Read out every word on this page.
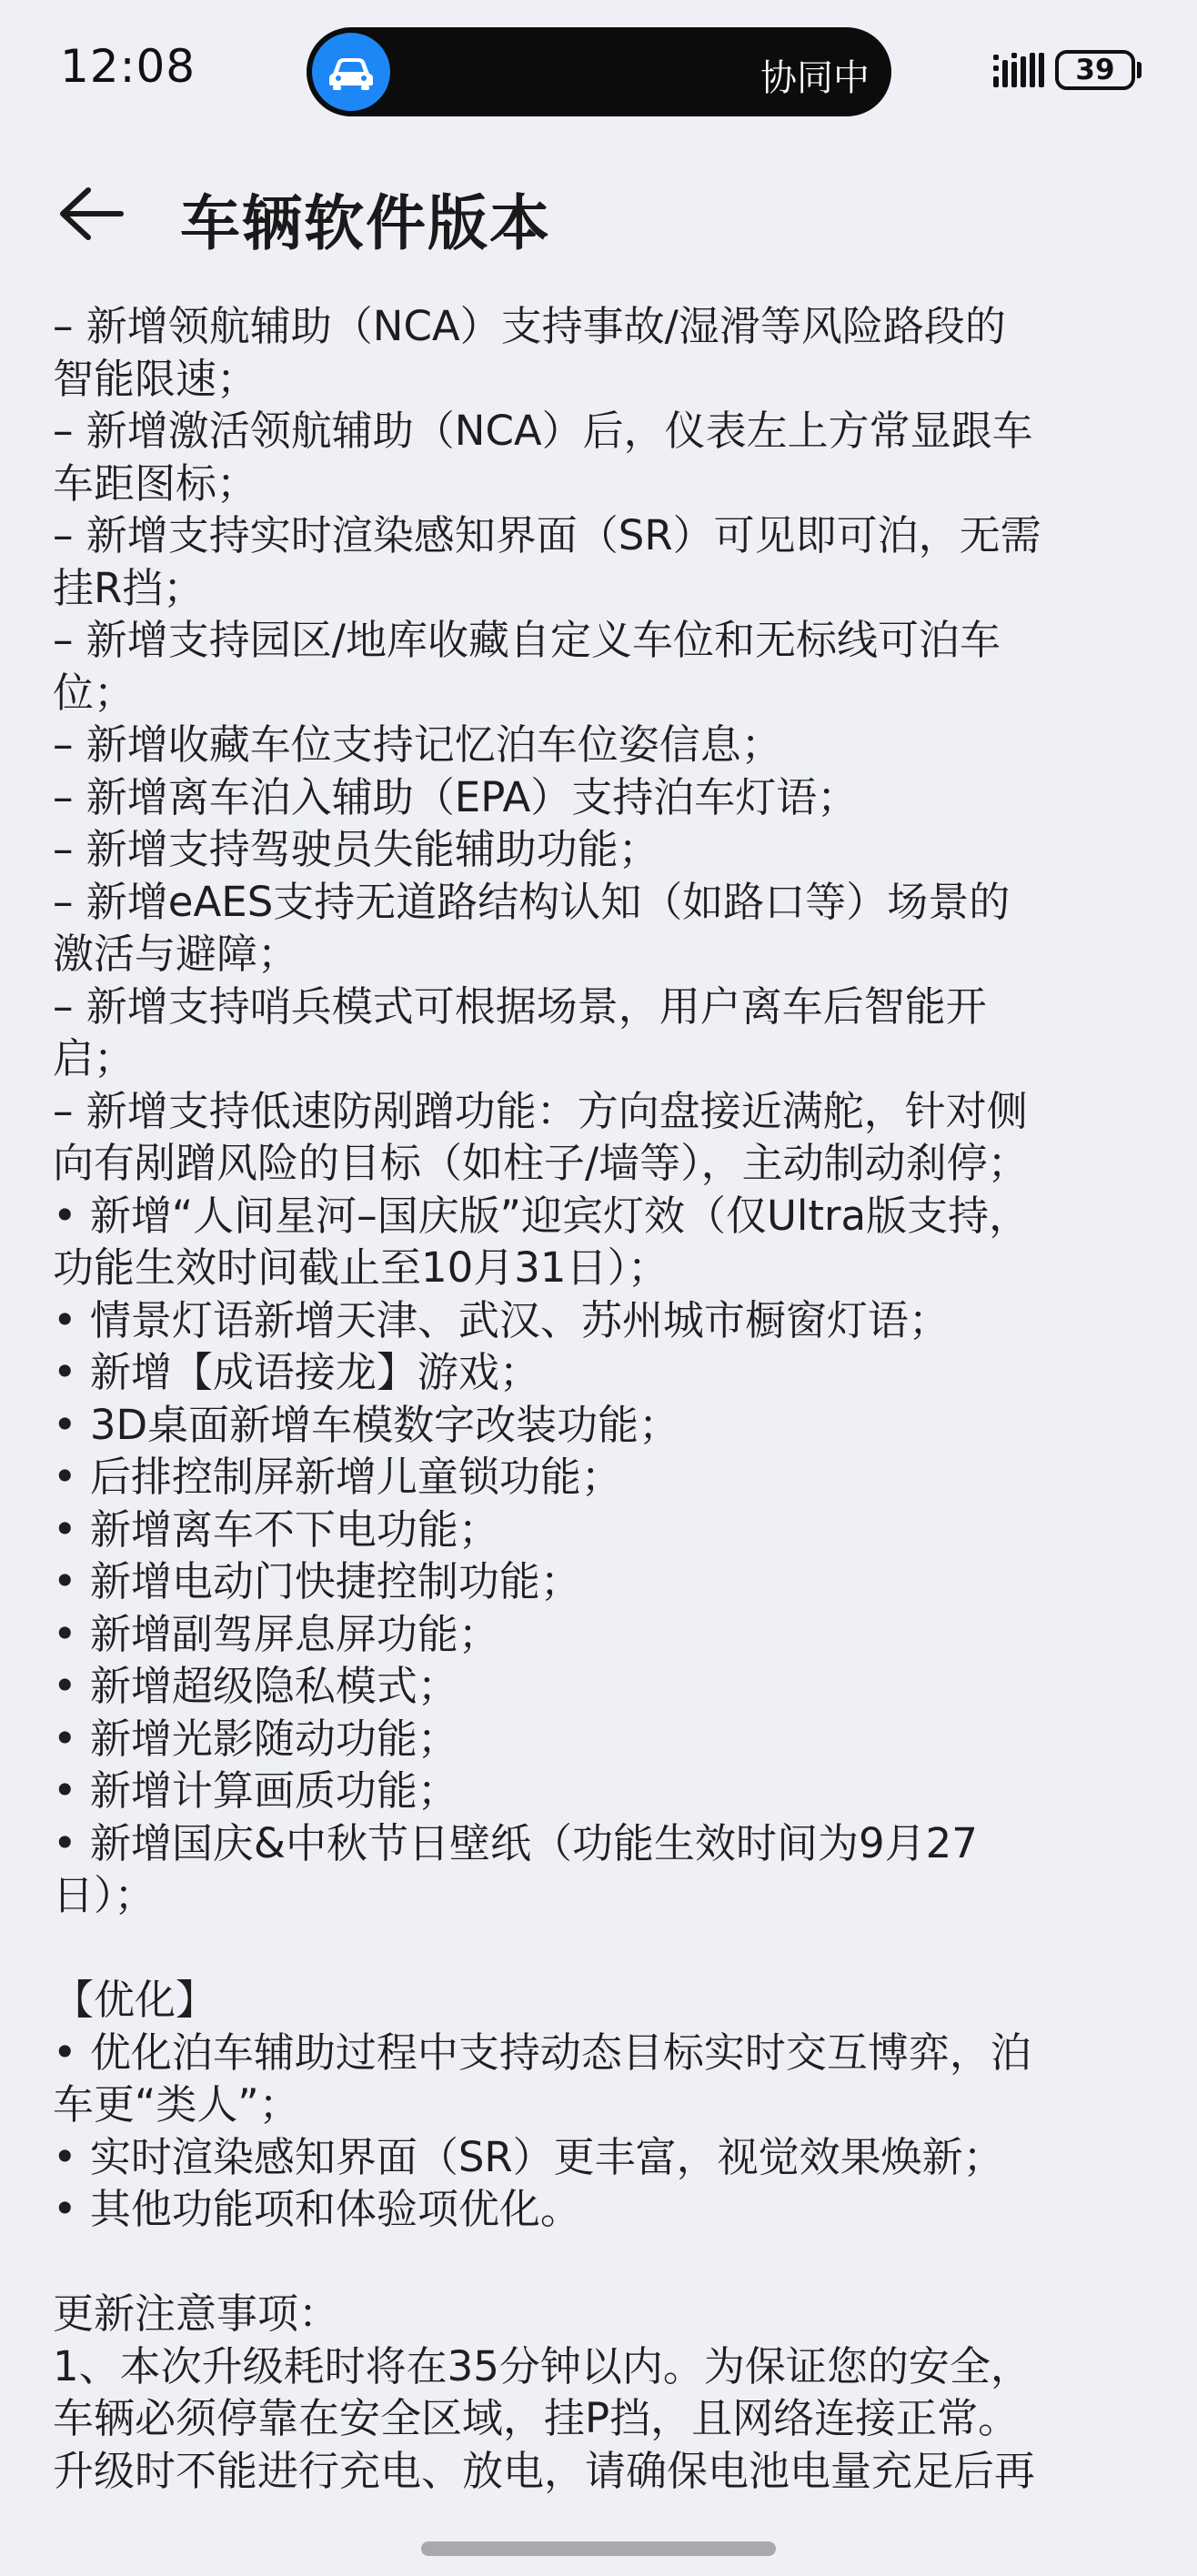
12:08	协同中	39
车辆软件版本
– 新增领航辅助（NCA）支持事故/湿滑等风险路段的
智能限速；
– 新增激活领航辅助（NCA）后，仪表左上方常显跟车
车距图标；
– 新增支持实时渲染感知界面（SR）可见即可泊，无需
挂R挡；
– 新增支持园区/地库收藏自定义车位和无标线可泊车
位；
– 新增收藏车位支持记忆泊车位姿信息；
– 新增离车泊入辅助（EPA）支持泊车灯语；
– 新增支持驾驶员失能辅助功能；
– 新增eAES支持无道路结构认知（如路口等）场景的
激活与避障；
– 新增支持哨兵模式可根据场景，用户离车后智能开
启；
– 新增支持低速防剐蹭功能：方向盘接近满舵，针对侧
向有剐蹭风险的目标（如柱子/墙等），主动制动刹停；
• 新增“人间星河–国庆版”迎宾灯效（仅Ultra版支持，
功能生效时间截止至10月31日）；
• 情景灯语新增天津、武汉、苏州城市橱窗灯语；
• 新增【成语接龙】游戏；
• 3D桌面新增车模数字改装功能；
• 后排控制屏新增儿童锁功能；
• 新增离车不下电功能；
• 新增电动门快捷控制功能；
• 新增副驾屏息屏功能；
• 新增超级隐私模式；
• 新增光影随动功能；
• 新增计算画质功能；
• 新增国庆&中秋节日壁纸（功能生效时间为9月27
日）；
【优化】
• 优化泊车辅助过程中支持动态目标实时交互博弈，泊
车更“类人”；
• 实时渲染感知界面（SR）更丰富，视觉效果焕新；
• 其他功能项和体验项优化。
更新注意事项：
1、本次升级耗时将在35分钟以内。为保证您的安全，
车辆必须停靠在安全区域，挂P挡，且网络连接正常。
升级时不能进行充电、放电，请确保电池电量充足后再
